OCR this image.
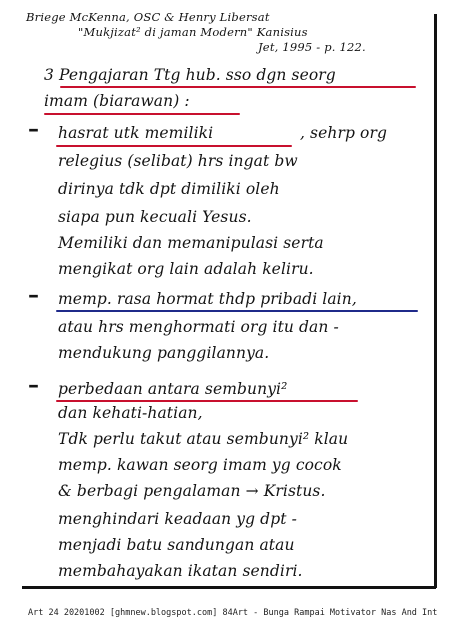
Briege McKenna, OSC & Henry Libersat
"Mukjizat² di jaman Modern" Kanisius
Jet, 1995 - p. 122.
3 Pengajaran Ttg hub. sso dgn seorg
imam (biarawan) :
– hasrat utk memiliki	, sehrp org
relegius (selibat) hrs ingat bw
dirinya tdk dpt dimiliki oleh
siapa pun kecuali Yesus.
Memiliki dan memanipulasi serta
mengikat org lain adalah keliru.
– memp. rasa hormat thdp pribadi lain,
atau hrs menghormati org itu dan -
mendukung panggilannya.
– perbedaan antara sembunyi²
dan kehati-hatian,
Tdk perlu takut atau sembunyi² klau
memp. kawan seorg imam yg cocok
& berbagi pengalaman → Kristus.
menghindari keadaan yg dpt -
menjadi batu sandungan atau
membahayakan ikatan sendiri.
Art 24 20201002 [ghmnew.blogspot.com] 84Art - Bunga Rampai Motivator Nas And Int
